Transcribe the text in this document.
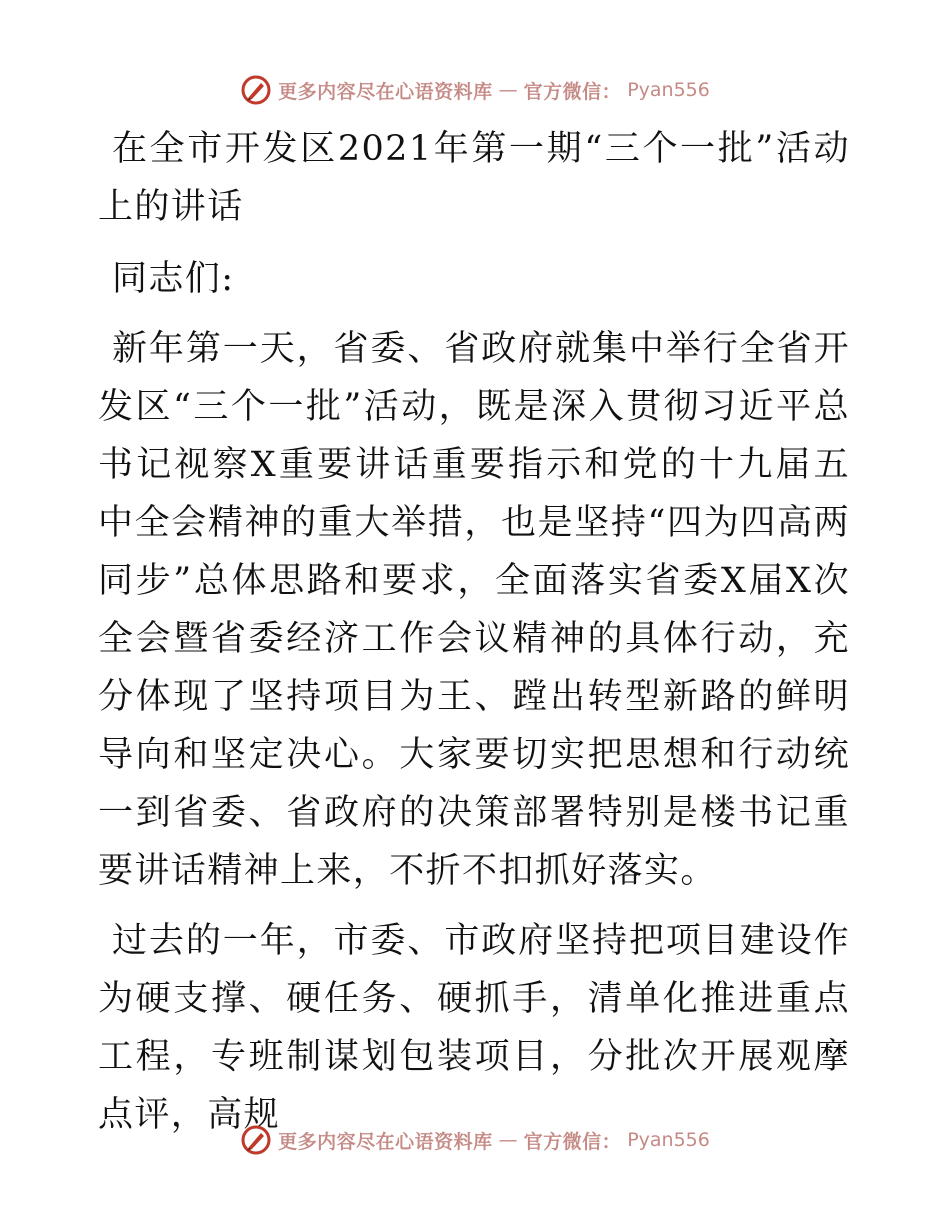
更多内容尽在心语资料库 — 官方微信： Pyan556

在全市开发区2021年第一期“三个一批”活动上的讲话

同志们:

新年第一天，省委、省政府就集中举行全省开发区“三个一批”活动，既是深入贯彻习近平总书记视察X重要讲话重要指示和党的十九届五中全会精神的重大举措，也是坚持“四为四高两同步”总体思路和要求，全面落实省委X届X次全会暨省委经济工作会议精神的具体行动，充分体现了坚持项目为王、蹚出转型新路的鲜明导向和坚定决心。大家要切实把思想和行动统一到省委、省政府的决策部署特别是楼书记重要讲话精神上来，不折不扣抓好落实。

过去的一年，市委、市政府坚持把项目建设作为硬支撑、硬任务、硬抓手，清单化推进重点工程，专班制谋划包装项目，分批次开展观摩点评，高规

更多内容尽在心语资料库 — 官方微信： Pyan556
